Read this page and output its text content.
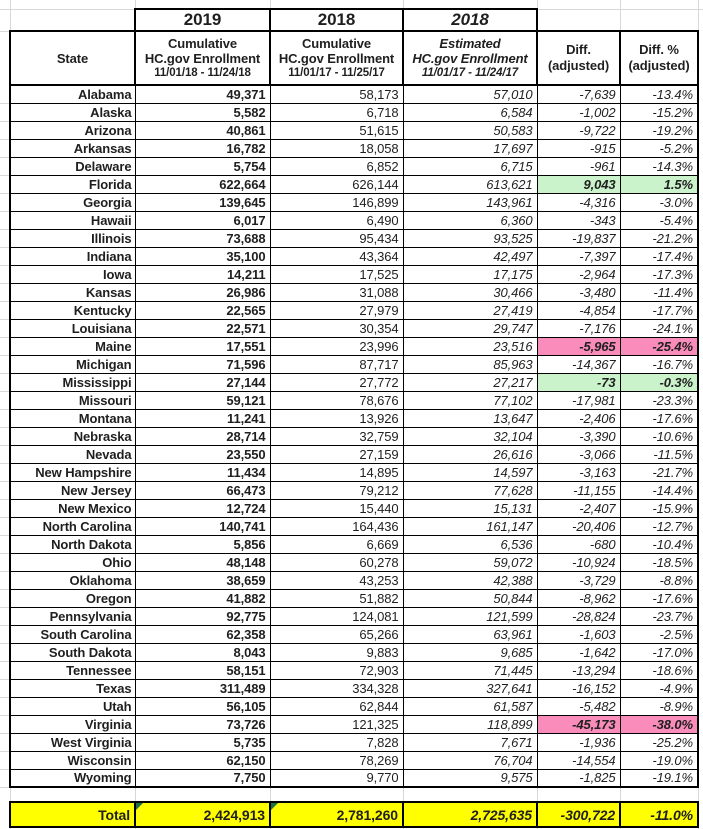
		2019	2018	2018			

State

Cumulative
HC.gov Enrollment
11/01/18 - 11/24/18

Cumulative
HC.gov Enrollment
11/01/17 - 11/25/17

Estimated
HC.gov Enrollment
11/01/17 - 11/24/17

Diff.
(adjusted)

Diff. %
(adjusted)

	Alabama	49,371	58,173	57,010	-7,639	-13.4%	
	Alaska	5,582	6,718	6,584	-1,002	-15.2%	
	Arizona	40,861	51,615	50,583	-9,722	-19.2%	
	Arkansas	16,782	18,058	17,697	-915	-5.2%	
	Delaware	5,754	6,852	6,715	-961	-14.3%	
	Florida	622,664	626,144	613,621	9,043	1.5%	
	Georgia	139,645	146,899	143,961	-4,316	-3.0%	
	Hawaii	6,017	6,490	6,360	-343	-5.4%	
	Illinois	73,688	95,434	93,525	-19,837	-21.2%	
	Indiana	35,100	43,364	42,497	-7,397	-17.4%	
	Iowa	14,211	17,525	17,175	-2,964	-17.3%	
	Kansas	26,986	31,088	30,466	-3,480	-11.4%	
	Kentucky	22,565	27,979	27,419	-4,854	-17.7%	
	Louisiana	22,571	30,354	29,747	-7,176	-24.1%	
	Maine	17,551	23,996	23,516	-5,965	-25.4%	
	Michigan	71,596	87,717	85,963	-14,367	-16.7%	
	Mississippi	27,144	27,772	27,217	-73	-0.3%	
	Missouri	59,121	78,676	77,102	-17,981	-23.3%	
	Montana	11,241	13,926	13,647	-2,406	-17.6%	
	Nebraska	28,714	32,759	32,104	-3,390	-10.6%	
	Nevada	23,550	27,159	26,616	-3,066	-11.5%	
	New Hampshire	11,434	14,895	14,597	-3,163	-21.7%	
	New Jersey	66,473	79,212	77,628	-11,155	-14.4%	
	New Mexico	12,724	15,440	15,131	-2,407	-15.9%	
	North Carolina	140,741	164,436	161,147	-20,406	-12.7%	
	North Dakota	5,856	6,669	6,536	-680	-10.4%	
	Ohio	48,148	60,278	59,072	-10,924	-18.5%	
	Oklahoma	38,659	43,253	42,388	-3,729	-8.8%	
	Oregon	41,882	51,882	50,844	-8,962	-17.6%	
	Pennsylvania	92,775	124,081	121,599	-28,824	-23.7%	
	South Carolina	62,358	65,266	63,961	-1,603	-2.5%	
	South Dakota	8,043	9,883	9,685	-1,642	-17.0%	
	Tennessee	58,151	72,903	71,445	-13,294	-18.6%	
	Texas	311,489	334,328	327,641	-16,152	-4.9%	
	Utah	56,105	62,844	61,587	-5,482	-8.9%	
	Virginia	73,726	121,325	118,899	-45,173	-38.0%	
	West Virginia	5,735	7,828	7,671	-1,936	-25.2%	
	Wisconsin	62,150	78,269	76,704	-14,554	-19.0%	
	Wyoming	7,750	9,770	9,575	-1,825	-19.1%	

	Total	2,424,913	2,781,260	2,725,635	-300,722	-11.0%	
